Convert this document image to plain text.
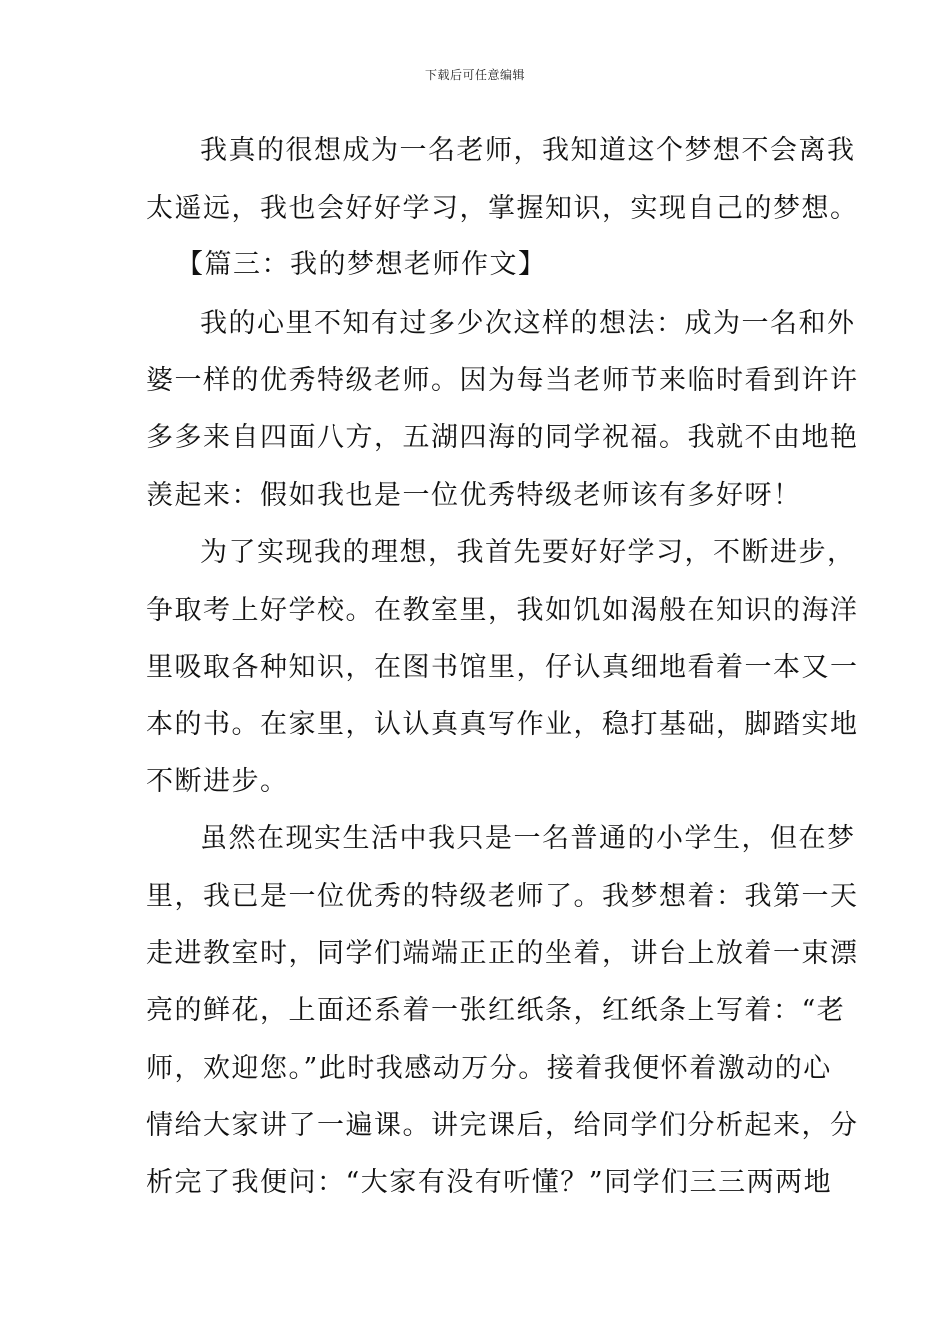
下载后可任意编辑
我真的很想成为一名老师，我知道这个梦想不会离我
太遥远，我也会好好学习，掌握知识，实现自己的梦想。
【篇三：我的梦想老师作文】
我的心里不知有过多少次这样的想法：成为一名和外
婆一样的优秀特级老师。因为每当老师节来临时看到许许
多多来自四面八方，五湖四海的同学祝福。我就不由地艳
羡起来：假如我也是一位优秀特级老师该有多好呀！
为了实现我的理想，我首先要好好学习，不断进步，
争取考上好学校。在教室里，我如饥如渴般在知识的海洋
里吸取各种知识，在图书馆里，仔认真细地看着一本又一
本的书。在家里，认认真真写作业，稳打基础，脚踏实地
不断进步。
虽然在现实生活中我只是一名普通的小学生，但在梦
里，我已是一位优秀的特级老师了。我梦想着：我第一天
走进教室时，同学们端端正正的坐着，讲台上放着一束漂
亮的鲜花，上面还系着一张红纸条，红纸条上写着：“老
师，欢迎您。”此时我感动万分。接着我便怀着激动的心
情给大家讲了一遍课。讲完课后，给同学们分析起来，分
析完了我便问：“大家有没有听懂？”同学们三三两两地
